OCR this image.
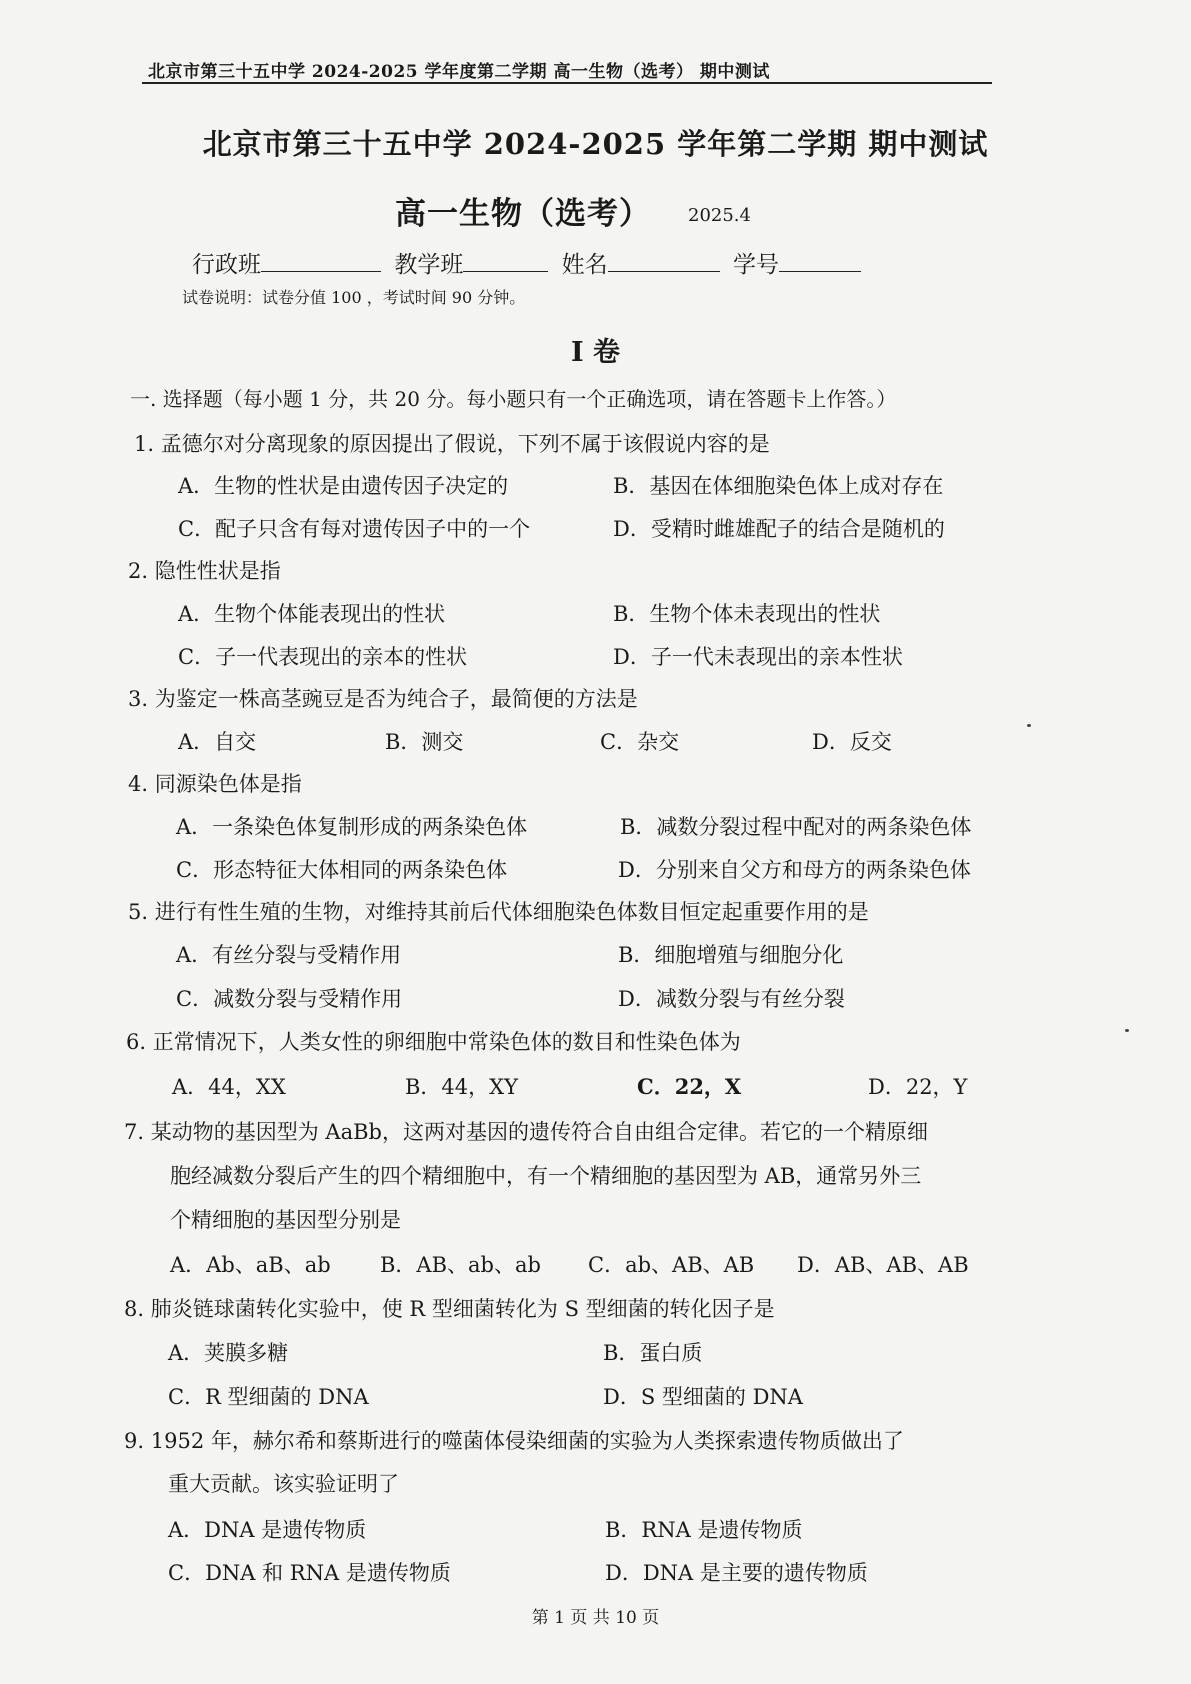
北京市第三十五中学 2024-2025 学年度第二学期 高一生物（选考） 期中测试
北京市第三十五中学 2024-2025 学年第二学期 期中测试
高一生物（选考） 2025.4
行政班	教学班	姓名	学号
试卷说明：试卷分值 100 ，考试时间 90 分钟。
I 卷
一. 选择题（每小题 1 分，共 20 分。每小题只有一个正确选项，请在答题卡上作答。）
1. 孟德尔对分离现象的原因提出了假说，下列不属于该假说内容的是
A．生物的性状是由遗传因子决定的	B．基因在体细胞染色体上成对存在
C．配子只含有每对遗传因子中的一个	D．受精时雌雄配子的结合是随机的
2. 隐性性状是指
A．生物个体能表现出的性状	B．生物个体未表现出的性状
C．子一代表现出的亲本的性状	D．子一代未表现出的亲本性状
3. 为鉴定一株高茎豌豆是否为纯合子，最简便的方法是
A．自交	B．测交	C．杂交	D．反交
4. 同源染色体是指
A．一条染色体复制形成的两条染色体	B．减数分裂过程中配对的两条染色体
C．形态特征大体相同的两条染色体	D．分别来自父方和母方的两条染色体
5. 进行有性生殖的生物，对维持其前后代体细胞染色体数目恒定起重要作用的是
A．有丝分裂与受精作用	B．细胞增殖与细胞分化
C．减数分裂与受精作用	D．减数分裂与有丝分裂
6. 正常情况下，人类女性的卵细胞中常染色体的数目和性染色体为
A．44，XX	B．44，XY	C．22，X	D．22，Y
7. 某动物的基因型为 AaBb，这两对基因的遗传符合自由组合定律。若它的一个精原细
胞经减数分裂后产生的四个精细胞中，有一个精细胞的基因型为 AB，通常另外三
个精细胞的基因型分别是
A．Ab、aB、ab B．AB、ab、ab C．ab、AB、AB D．AB、AB、AB
8. 肺炎链球菌转化实验中，使 R 型细菌转化为 S 型细菌的转化因子是
A．荚膜多糖	B．蛋白质
C．R 型细菌的 DNA	D．S 型细菌的 DNA
9. 1952 年，赫尔希和蔡斯进行的噬菌体侵染细菌的实验为人类探索遗传物质做出了
重大贡献。该实验证明了
A．DNA 是遗传物质	B．RNA 是遗传物质
C．DNA 和 RNA 是遗传物质	D．DNA 是主要的遗传物质
第 1 页 共 10 页
